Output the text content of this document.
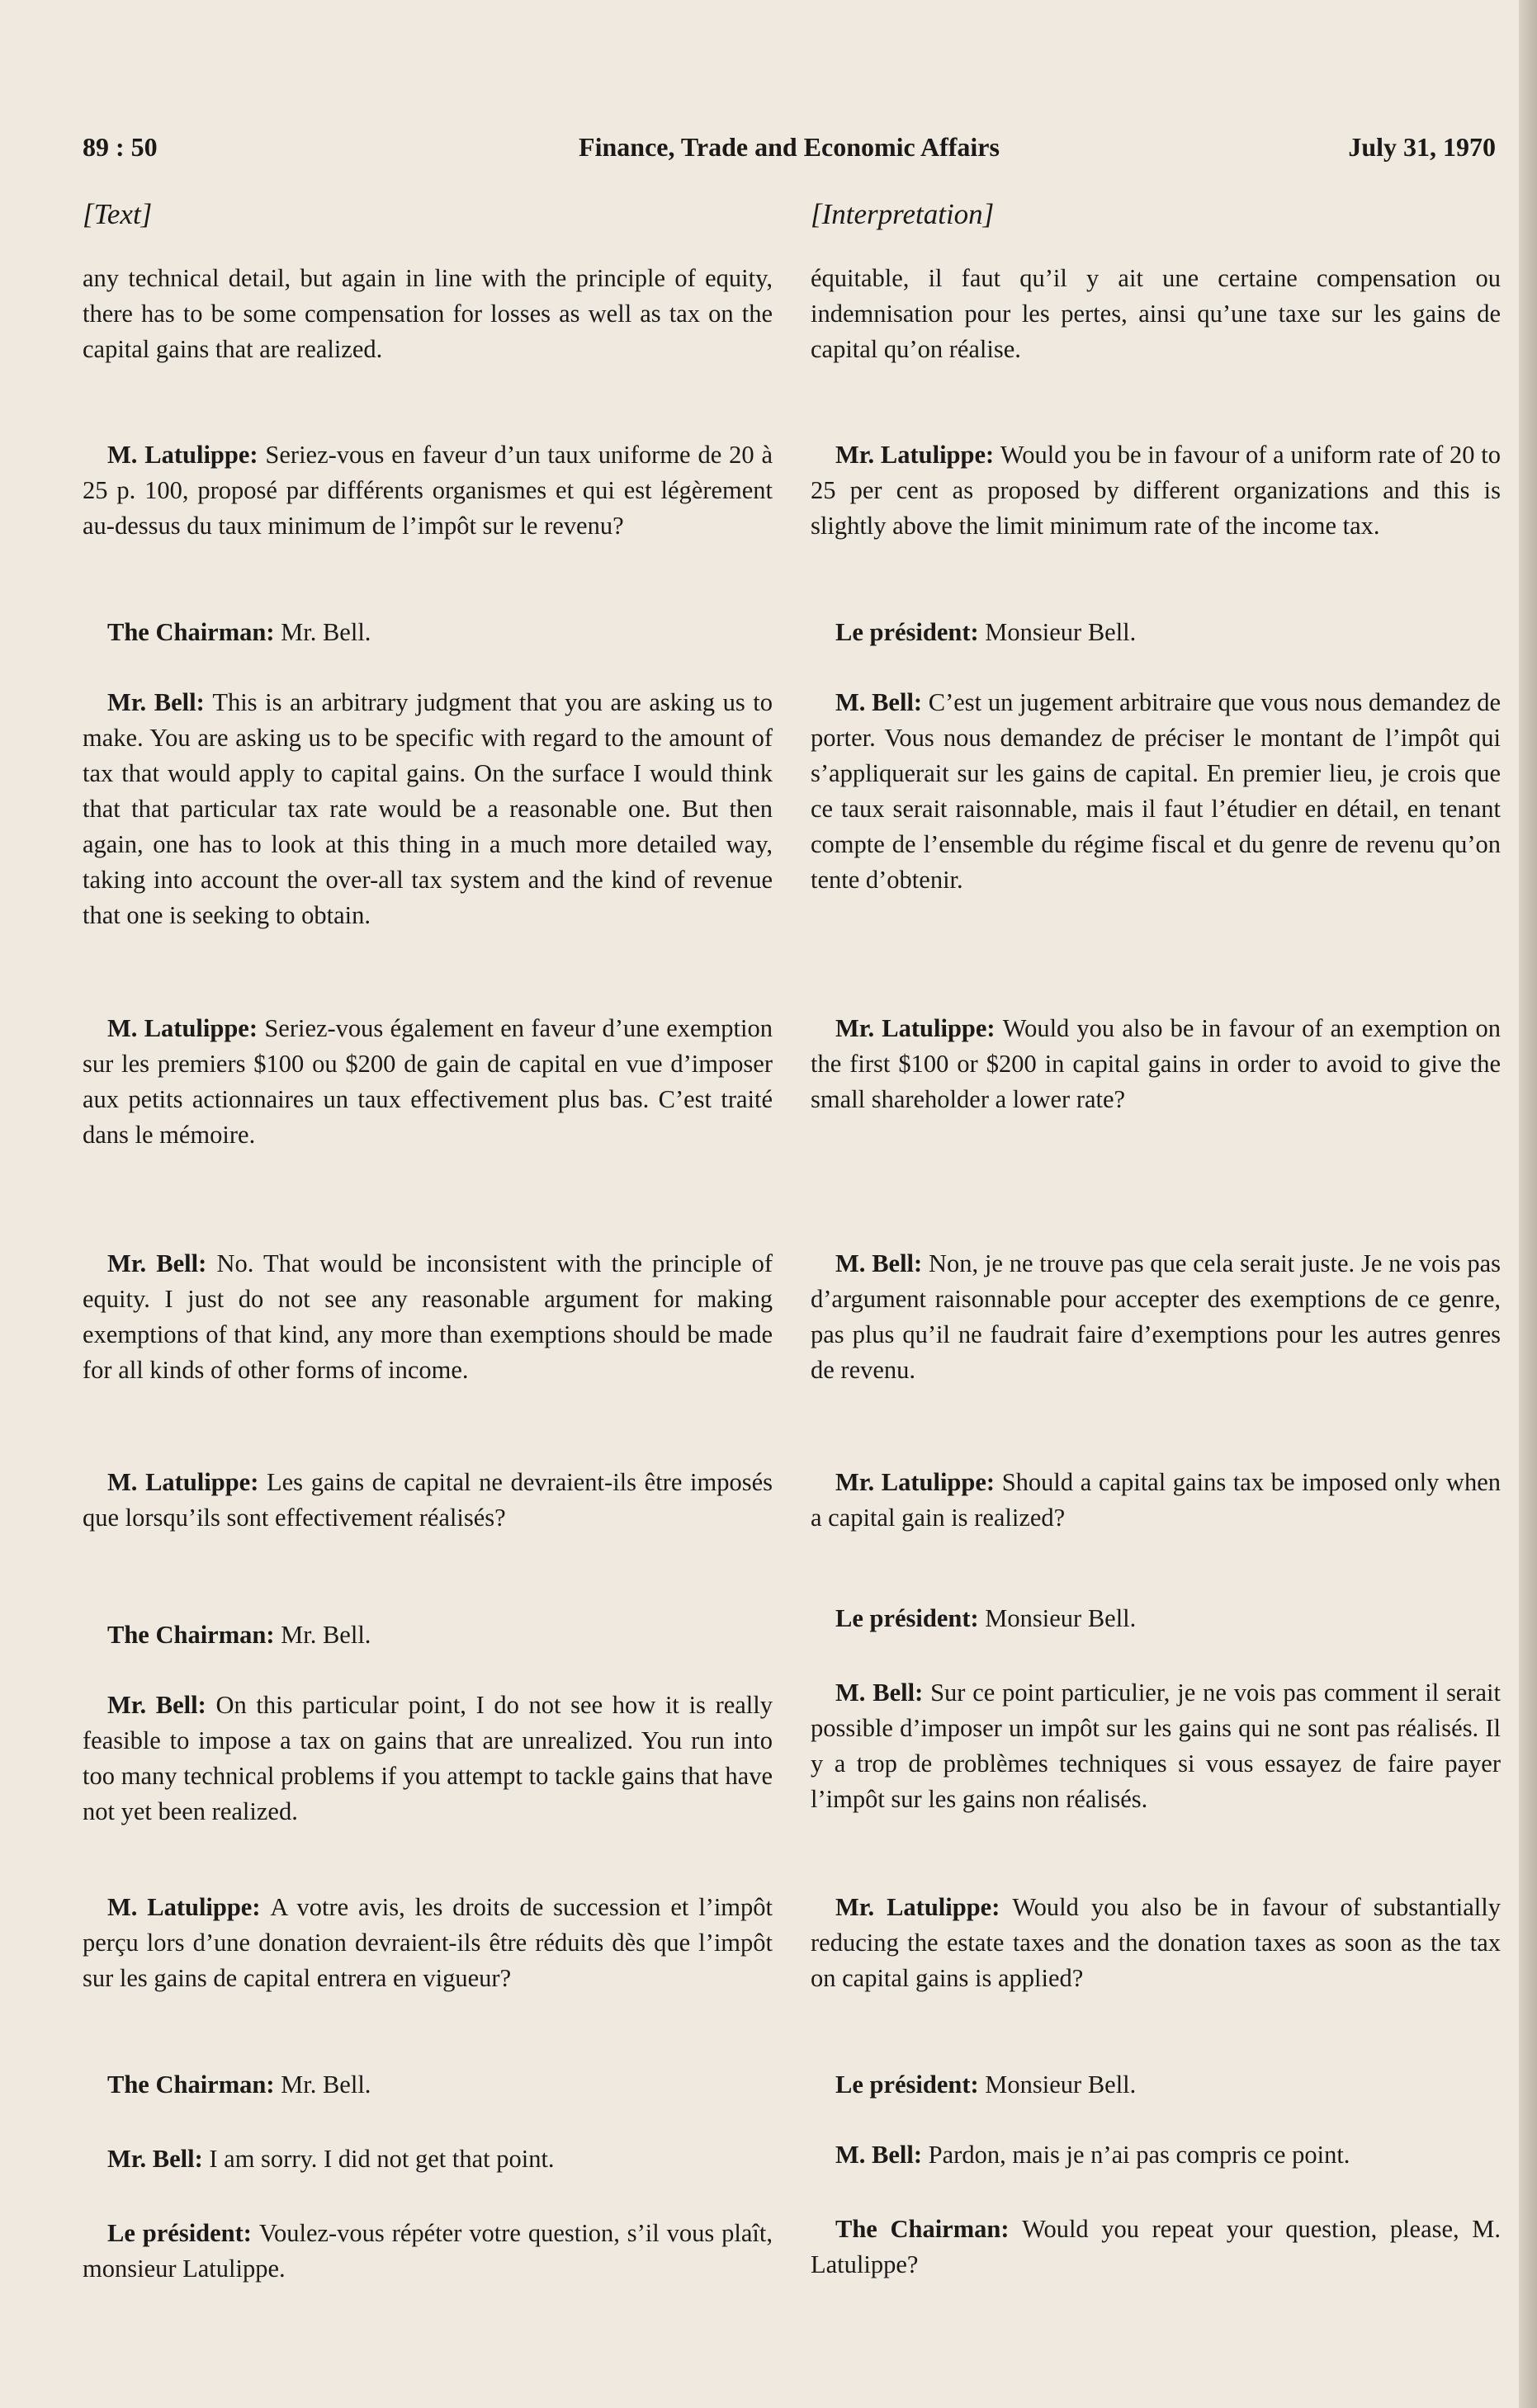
89 : 50	Finance, Trade and Economic Affairs	July 31, 1970
[Text]

any technical detail, but again in line with the principle of equity, there has to be some compensation for losses as well as tax on the capital gains that are realized.

M. Latulippe: Seriez-vous en faveur d’un taux uniforme de 20 à 25 p. 100, proposé par différents organismes et qui est légèrement au-dessus du taux minimum de l’impôt sur le revenu?

The Chairman: Mr. Bell.

Mr. Bell: This is an arbitrary judgment that you are asking us to make. You are asking us to be specific with regard to the amount of tax that would apply to capital gains. On the surface I would think that that particular tax rate would be a reasonable one. But then again, one has to look at this thing in a much more detailed way, taking into account the over-all tax system and the kind of revenue that one is seeking to obtain.

M. Latulippe: Seriez-vous également en faveur d’une exemption sur les premiers $100 ou $200 de gain de capital en vue d’imposer aux petits actionnaires un taux effectivement plus bas. C’est traité dans le mémoire.

Mr. Bell: No. That would be inconsistent with the principle of equity. I just do not see any reasonable argument for making exemptions of that kind, any more than exemptions should be made for all kinds of other forms of income.

M. Latulippe: Les gains de capital ne devraient-ils être imposés que lorsqu’ils sont effectivement réalisés?

The Chairman: Mr. Bell.

Mr. Bell: On this particular point, I do not see how it is really feasible to impose a tax on gains that are unrealized. You run into too many technical problems if you attempt to tackle gains that have not yet been realized.

M. Latulippe: A votre avis, les droits de succession et l’impôt perçu lors d’une donation devraient-ils être réduits dès que l’impôt sur les gains de capital entrera en vigueur?

The Chairman: Mr. Bell.

Mr. Bell: I am sorry. I did not get that point.

Le président: Voulez-vous répéter votre question, s’il vous plaît, monsieur Latulippe.

[Interpretation]

équitable, il faut qu’il y ait une certaine compensation ou indemnisation pour les pertes, ainsi qu’une taxe sur les gains de capital qu’on réalise.

Mr. Latulippe: Would you be in favour of a uniform rate of 20 to 25 per cent as proposed by different organizations and this is slightly above the limit minimum rate of the income tax.

Le président: Monsieur Bell.

M. Bell: C’est un jugement arbitraire que vous nous demandez de porter. Vous nous demandez de préciser le montant de l’impôt qui s’appliquerait sur les gains de capital. En premier lieu, je crois que ce taux serait raisonnable, mais il faut l’étudier en détail, en tenant compte de l’ensemble du régime fiscal et du genre de revenu qu’on tente d’obtenir.

Mr. Latulippe: Would you also be in favour of an exemption on the first $100 or $200 in capital gains in order to avoid to give the small shareholder a lower rate?

M. Bell: Non, je ne trouve pas que cela serait juste. Je ne vois pas d’argument raisonnable pour accepter des exemptions de ce genre, pas plus qu’il ne faudrait faire d’exemptions pour les autres genres de revenu.

Mr. Latulippe: Should a capital gains tax be imposed only when a capital gain is realized?

Le président: Monsieur Bell.

M. Bell: Sur ce point particulier, je ne vois pas comment il serait possible d’imposer un impôt sur les gains qui ne sont pas réalisés. Il y a trop de problèmes techniques si vous essayez de faire payer l’impôt sur les gains non réalisés.

Mr. Latulippe: Would you also be in favour of substantially reducing the estate taxes and the donation taxes as soon as the tax on capital gains is applied?

Le président: Monsieur Bell.

M. Bell: Pardon, mais je n’ai pas compris ce point.

The Chairman: Would you repeat your question, please, M. Latulippe?
